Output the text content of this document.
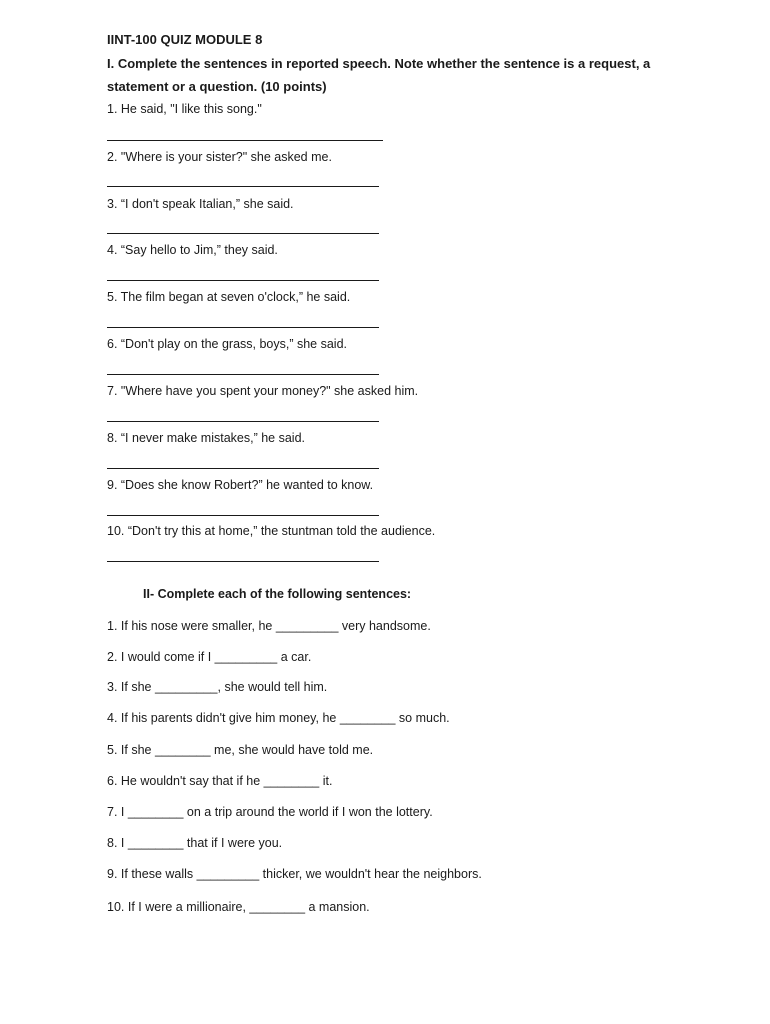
IINT-100 QUIZ MODULE 8
I. Complete the sentences in reported speech. Note whether the sentence is a request, a
statement or a question. (10 points)
1. He said, "I like this song."
2. "Where is your sister?" she asked me.
3. “I don't speak Italian,” she said.
4. “Say hello to Jim,” they said.
5. The film began at seven o'clock,” he said.
6. “Don't play on the grass, boys,” she said.
7. "Where have you spent your money?" she asked him.
8. “I never make mistakes,” he said.
9. “Does she know Robert?” he wanted to know.
10. “Don't try this at home,” the stuntman told the audience.
II- Complete each of the following sentences:
1. If his nose were smaller, he _________ very handsome.
2. I would come if I _________ a car.
3. If she _________, she would tell him.
4. If his parents didn't give him money, he ________ so much.
5. If she ________ me, she would have told me.
6. He wouldn't say that if he ________ it.
7. I ________ on a trip around the world if I won the lottery.
8. I ________ that if I were you.
9. If these walls _________ thicker, we wouldn't hear the neighbors.
10. If I were a millionaire, ________ a mansion.
